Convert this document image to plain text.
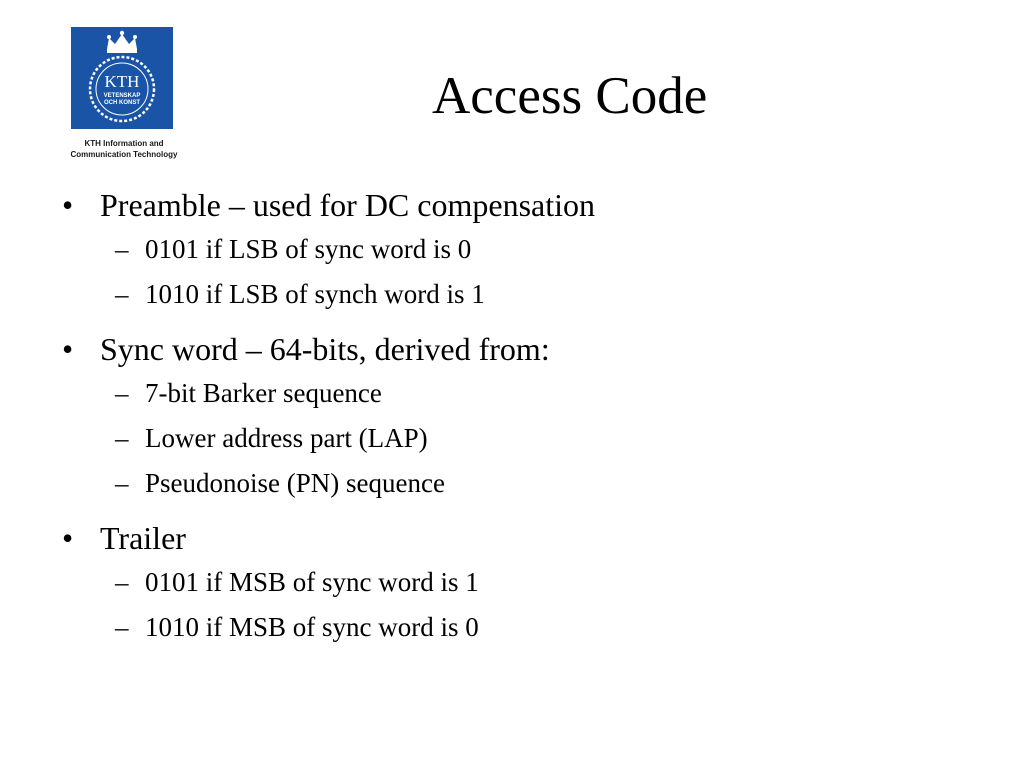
KTH
VETENSKAP
OCH KONST
KTH Information and
Communication Technology
Access Code
• Preamble – used for DC compensation
– 0101 if LSB of sync word is 0
– 1010 if LSB of synch word is 1
• Sync word – 64-bits, derived from:
– 7-bit Barker sequence
– Lower address part (LAP)
– Pseudonoise (PN) sequence
• Trailer
– 0101 if MSB of sync word is 1
– 1010 if MSB of sync word is 0
